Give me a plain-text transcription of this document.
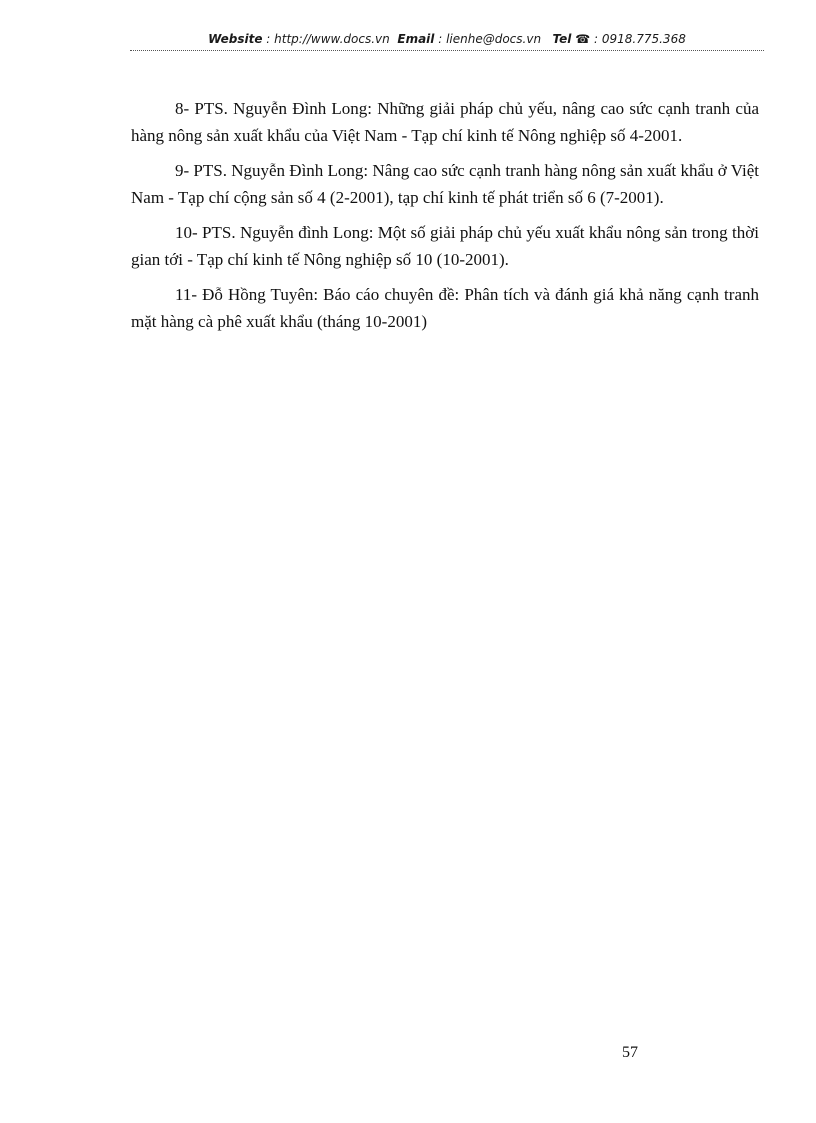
Website : http://www.docs.vn Email : lienhe@docs.vn Tel ☎ : 0918.775.368

8- PTS. Nguyễn Đình Long: Những giải pháp chủ yếu, nâng cao sức cạnh tranh của hàng nông sản xuất khẩu của Việt Nam - Tạp chí kinh tế Nông nghiệp số 4-2001.

9- PTS. Nguyễn Đình Long: Nâng cao sức cạnh tranh hàng nông sản xuất khẩu ở Việt Nam - Tạp chí cộng sản số 4 (2-2001), tạp chí kinh tế phát triển số 6 (7-2001).

10- PTS. Nguyễn đình Long: Một số giải pháp chủ yếu xuất khẩu nông sản trong thời gian tới - Tạp chí kinh tế Nông nghiệp số 10 (10-2001).

11- Đỗ Hồng Tuyên: Báo cáo chuyên đề: Phân tích và đánh giá khả năng cạnh tranh mặt hàng cà phê xuất khẩu (tháng 10-2001)

57
